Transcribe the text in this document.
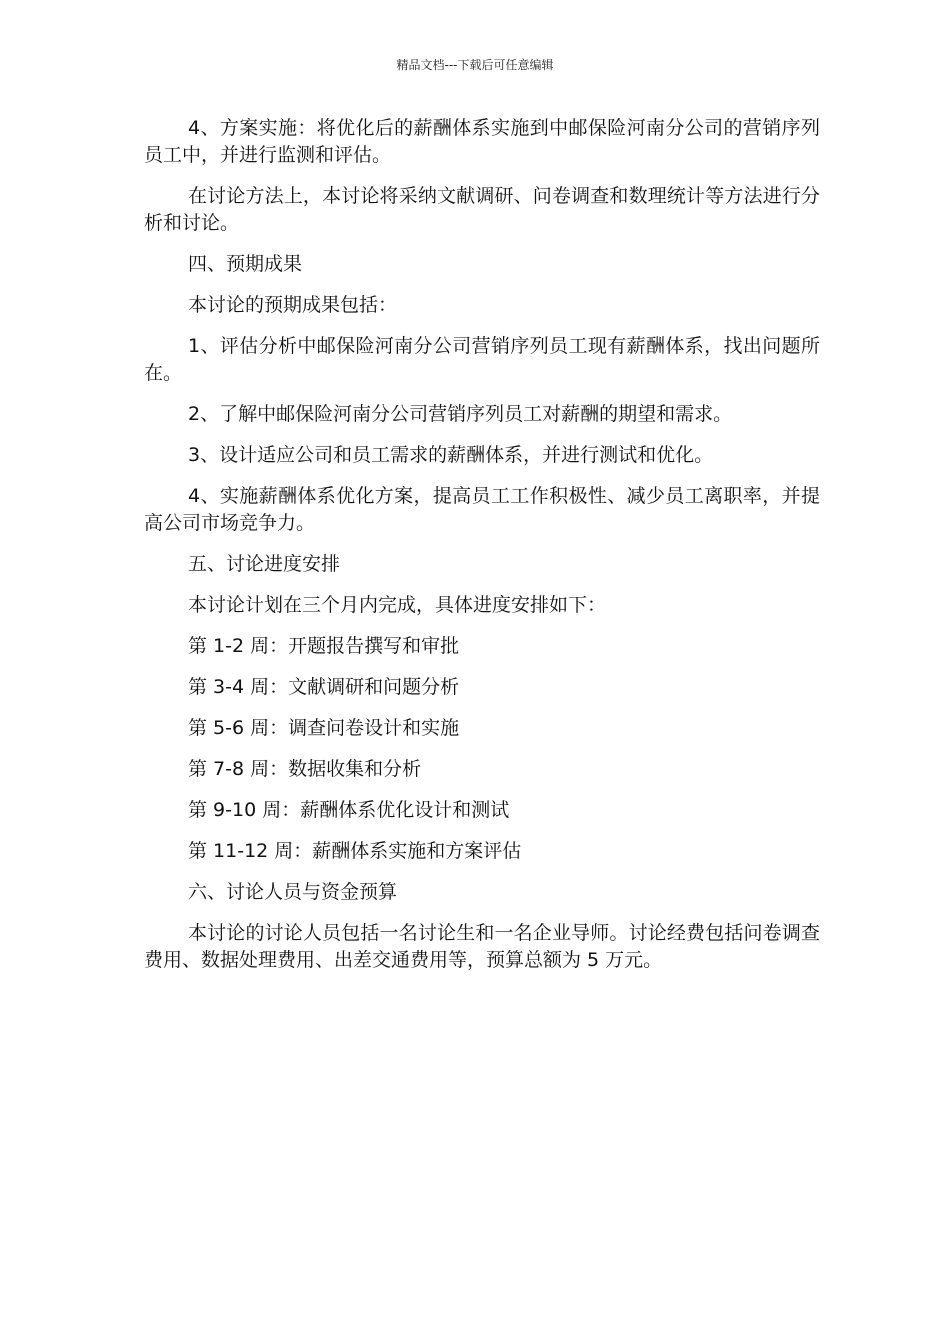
精品文档---下载后可任意编辑

4、方案实施：将优化后的薪酬体系实施到中邮保险河南分公司的营销序列员工中，并进行监测和评估。

在讨论方法上，本讨论将采纳文献调研、问卷调查和数理统计等方法进行分析和讨论。

四、预期成果

本讨论的预期成果包括：

1、评估分析中邮保险河南分公司营销序列员工现有薪酬体系，找出问题所在。

2、了解中邮保险河南分公司营销序列员工对薪酬的期望和需求。

3、设计适应公司和员工需求的薪酬体系，并进行测试和优化。

4、实施薪酬体系优化方案，提高员工工作积极性、减少员工离职率，并提高公司市场竞争力。

五、讨论进度安排

本讨论计划在三个月内完成，具体进度安排如下：

第 1-2 周：开题报告撰写和审批

第 3-4 周：文献调研和问题分析

第 5-6 周：调查问卷设计和实施

第 7-8 周：数据收集和分析

第 9-10 周：薪酬体系优化设计和测试

第 11-12 周：薪酬体系实施和方案评估

六、讨论人员与资金预算

本讨论的讨论人员包括一名讨论生和一名企业导师。讨论经费包括问卷调查费用、数据处理费用、出差交通费用等，预算总额为 5 万元。
